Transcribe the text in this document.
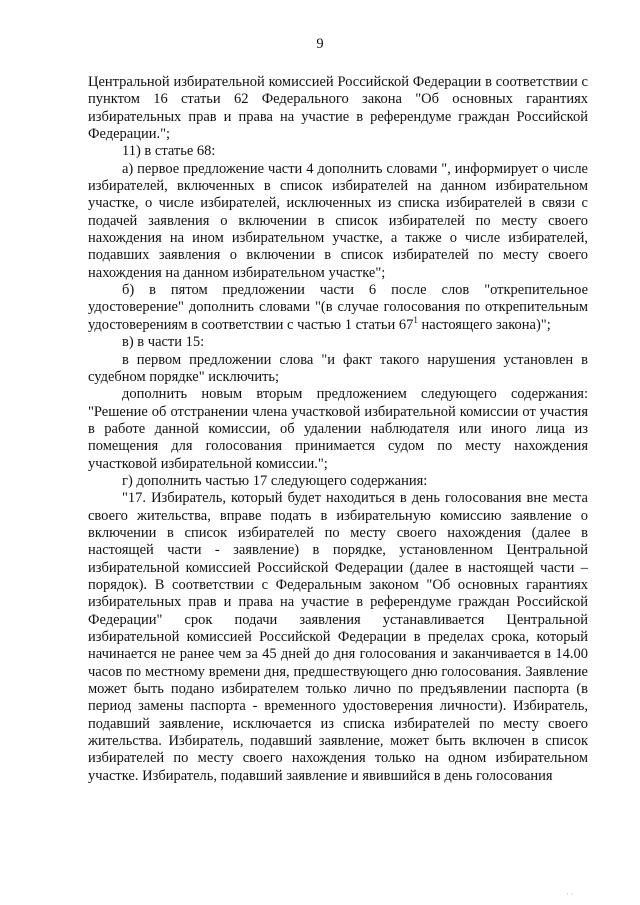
9

Центральной избирательной комиссией Российской Федерации в соответствии с пунктом 16 статьи 62 Федерального закона "Об основных гарантиях избирательных прав и права на участие в референдуме граждан Российской Федерации.";

11) в статье 68:

а) первое предложение части 4 дополнить словами ", информирует о числе избирателей, включенных в список избирателей на данном избирательном участке, о числе избирателей, исключенных из списка избирателей в связи с подачей заявления о включении в список избирателей по месту своего нахождения на ином избирательном участке, а также о числе избирателей, подавших заявления о включении в список избирателей по месту своего нахождения на данном избирательном участке";

б) в пятом предложении части 6 после слов "открепительное удостоверение" дополнить словами "(в случае голосования по открепительным удостоверениям в соответствии с частью 1 статьи $67^1$ настоящего закона)";

в) в части 15:

в первом предложении слова "и факт такого нарушения установлен в судебном порядке" исключить;

дополнить новым вторым предложением следующего содержания: "Решение об отстранении члена участковой избирательной комиссии от участия в работе данной комиссии, об удалении наблюдателя или иного лица из помещения для голосования принимается судом по месту нахождения участковой избирательной комиссии.";

г) дополнить частью 17 следующего содержания:

"17. Избиратель, который будет находиться в день голосования вне места своего жительства, вправе подать в избирательную комиссию заявление о включении в список избирателей по месту своего нахождения (далее в настоящей части - заявление) в порядке, установленном Центральной избирательной комиссией Российской Федерации (далее в настоящей части – порядок). В соответствии с Федеральным законом "Об основных гарантиях избирательных прав и права на участие в референдуме граждан Российской Федерации" срок подачи заявления устанавливается Центральной избирательной комиссией Российской Федерации в пределах срока, который начинается не ранее чем за 45 дней до дня голосования и заканчивается в 14.00 часов по местному времени дня, предшествующего дню голосования. Заявление может быть подано избирателем только лично по предъявлении паспорта (в период замены паспорта - временного удостоверения личности). Избиратель, подавший заявление, исключается из списка избирателей по месту своего жительства. Избиратель, подавший заявление, может быть включен в список избирателей по месту своего нахождения только на одном избирательном участке. Избиратель, подавший заявление и явившийся в день голосования

· ·
